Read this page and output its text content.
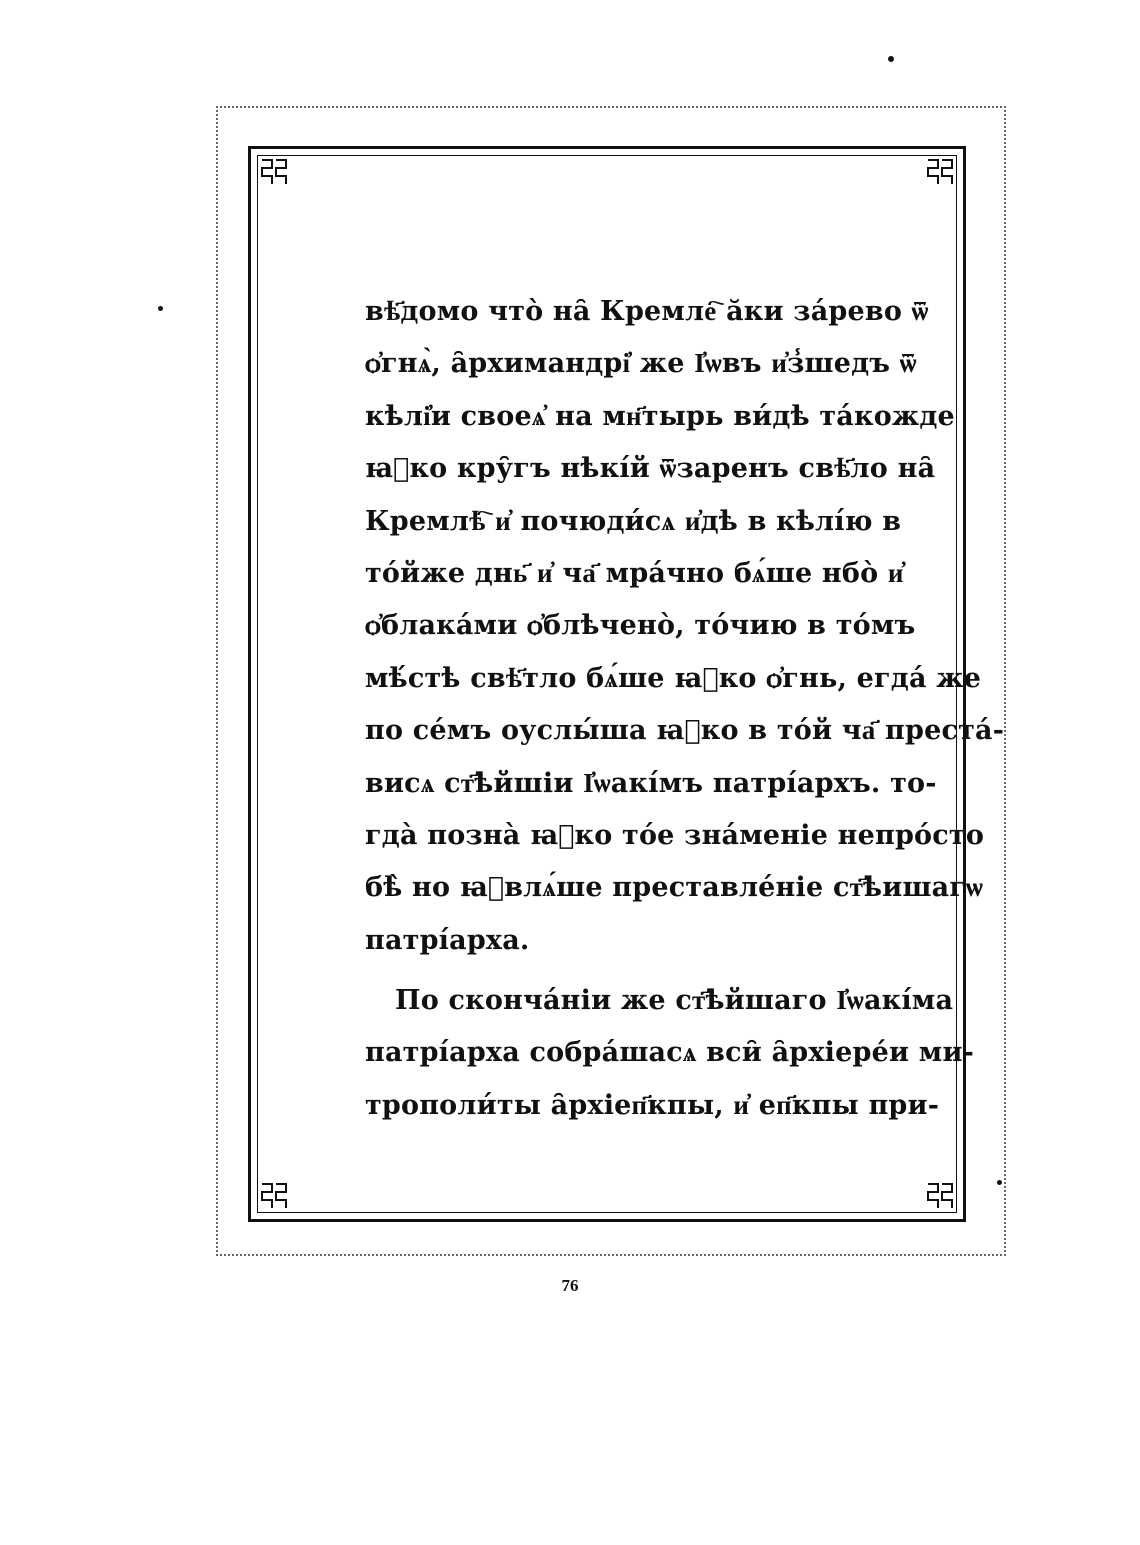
вѣ҃домо что̀ на̑ Кремле҇ ӑки за́рево ѿ
ѻ҆гнѧ̀, а̑рхимандрі҆ же І҆ѡвъ и҆з̾шедъ ѿ
кѣлі҆и своеѧ҆ на мн҃тырь ви́дѣ та́кожде
ꙗ҆ко кру̑гъ нѣкі́й ѿзаренъ свѣ҃ло на̑
Кремлѣ҇ и҆ почюди́сѧ и҆дѣ в кѣлі́ю в
то́йже днь҃ и҆ ча҃ мра́чно бѧ́ше нбо̀ и҆
ѻ҆блака́ми ѻ҆блѣчено̀, то́чию в то́мъ
мѣ́стѣ свѣ҃тло бѧ́ше ꙗ҆ко ѻ҆гнь, егда́ же
по се́мъ оуслы́ша ꙗ҆ко в то́й ча҃ преста́-
висѧ ст҃ѣйшiи І҆ѡакі́мъ патрі́архъ. то-
гда̀ позна̀ ꙗ҆ко то́е зна́менiе непро́сто
бѣ̀ но ꙗ҆влѧ́ше преставле́нiе ст҃ѣишагѡ
патрі́арха.
По сконча́нiи же ст҃ѣйшаго І҆ѡакі́ма
патрі́арха собра́шасѧ вси̑ а̑рхіерéи ми-
трополи́ты а̑рхіеп҃кпы, и҆ еп҃кпы при-
76
